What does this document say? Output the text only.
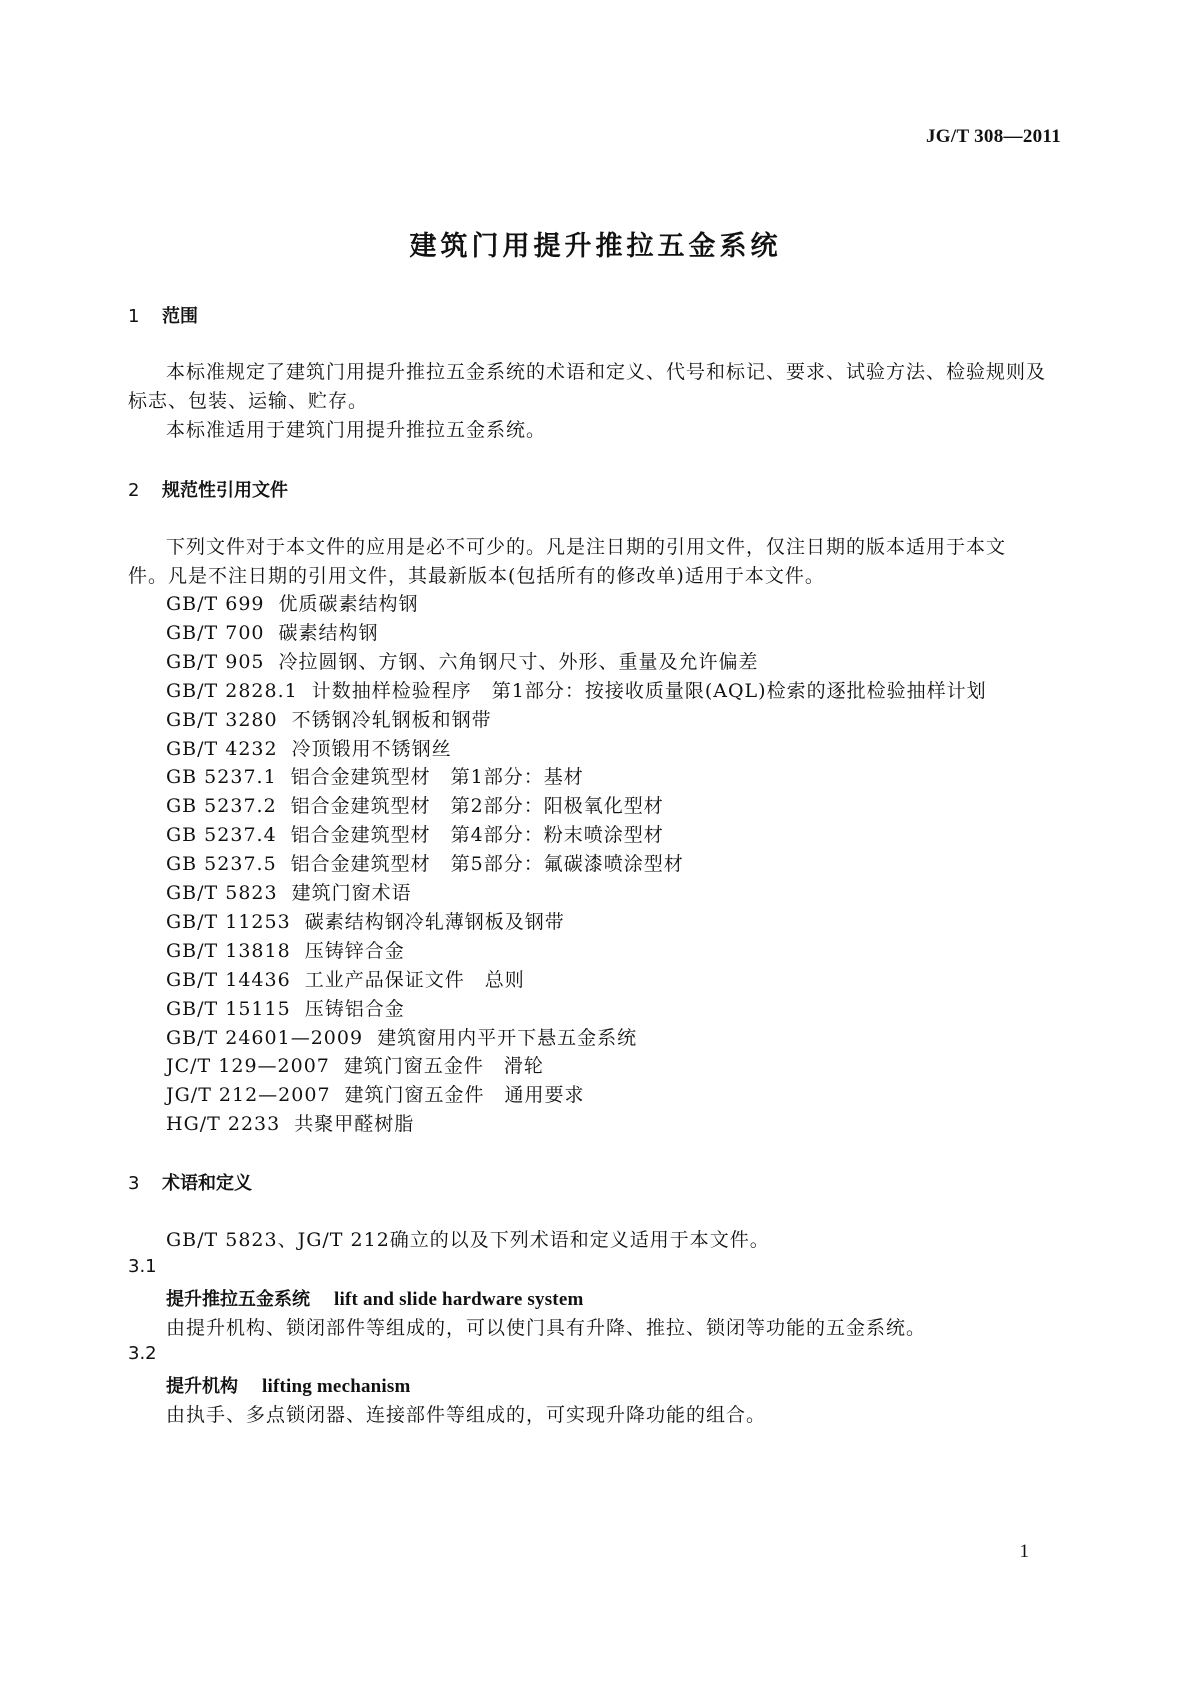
JG/T 308—2011
建筑门用提升推拉五金系统
1 范围
本标准规定了建筑门用提升推拉五金系统的术语和定义、代号和标记、要求、试验方法、检验规则及
标志、包装、运输、贮存。
本标准适用于建筑门用提升推拉五金系统。
2 规范性引用文件
下列文件对于本文件的应用是必不可少的。凡是注日期的引用文件，仅注日期的版本适用于本文
件。凡是不注日期的引用文件，其最新版本(包括所有的修改单)适用于本文件。
GB/T 699 优质碳素结构钢
GB/T 700 碳素结构钢
GB/T 905 冷拉圆钢、方钢、六角钢尺寸、外形、重量及允许偏差
GB/T 2828.1 计数抽样检验程序　第1部分：按接收质量限(AQL)检索的逐批检验抽样计划
GB/T 3280 不锈钢冷轧钢板和钢带
GB/T 4232 冷顶锻用不锈钢丝
GB 5237.1 铝合金建筑型材　第1部分：基材
GB 5237.2 铝合金建筑型材　第2部分：阳极氧化型材
GB 5237.4 铝合金建筑型材　第4部分：粉末喷涂型材
GB 5237.5 铝合金建筑型材　第5部分：氟碳漆喷涂型材
GB/T 5823 建筑门窗术语
GB/T 11253 碳素结构钢冷轧薄钢板及钢带
GB/T 13818 压铸锌合金
GB/T 14436 工业产品保证文件　总则
GB/T 15115 压铸铝合金
GB/T 24601—2009 建筑窗用内平开下悬五金系统
JC/T 129—2007 建筑门窗五金件　滑轮
JG/T 212—2007 建筑门窗五金件　通用要求
HG/T 2233 共聚甲醛树脂
3 术语和定义
GB/T 5823、JG/T 212确立的以及下列术语和定义适用于本文件。
3.1
提升推拉五金系统 lift and slide hardware system
由提升机构、锁闭部件等组成的，可以使门具有升降、推拉、锁闭等功能的五金系统。
3.2
提升机构 lifting mechanism
由执手、多点锁闭器、连接部件等组成的，可实现升降功能的组合。
1
